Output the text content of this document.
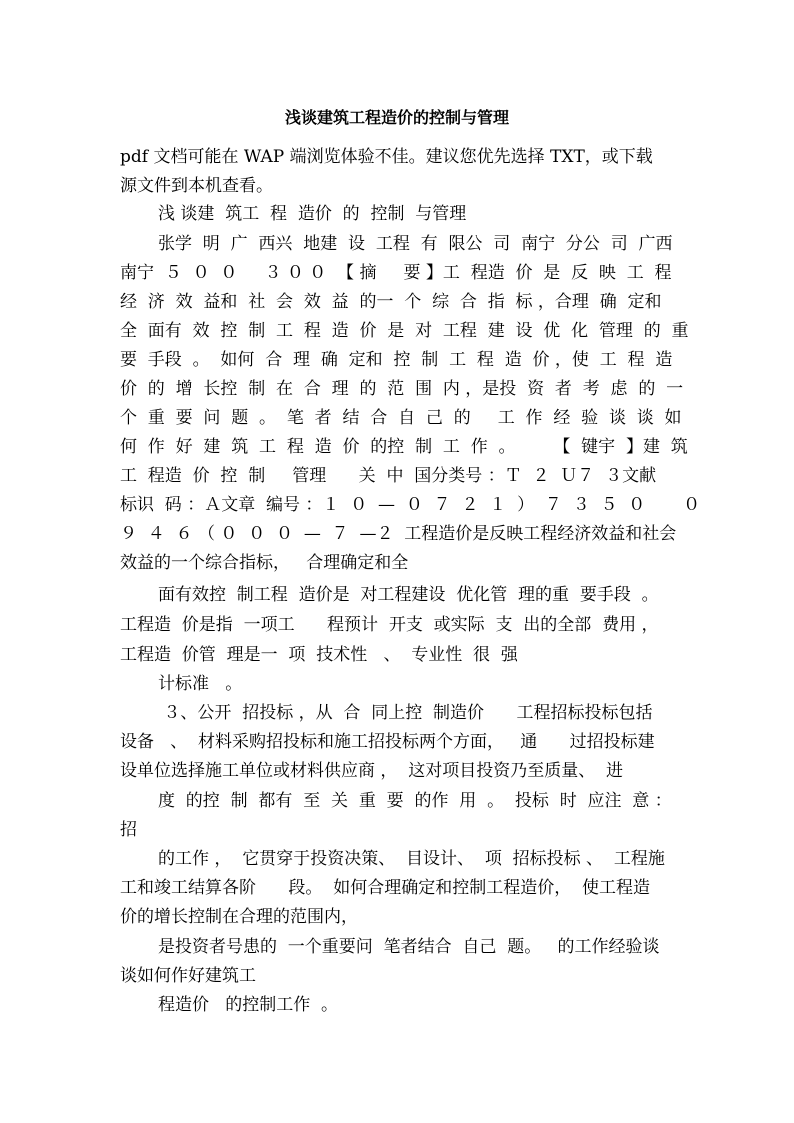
浅谈建筑工程造价的控制与管理
pdf 文档可能在 WAP 端浏览体验不佳。建议您优先选择 TXT，或下载
源文件到本机查看。
浅 谈建  筑工  程  造价  的  控制  与管理
张学  明  广  西兴  地建  设  工程  有  限公  司  南宁  分公  司  广西
南宁  ５  ０  ０     ３ ０ ０  【 摘     要 】工  程造  价  是  反  映  工  程
经  济  效  益和  社  会  效  益  的一  个  综  合  指  标 ，合理  确  定和
全  面有  效  控  制  工  程  造  价  是  对  工程  建  设  优  化  管理  的  重
要  手段  。  如何  合  理  确  定和  控  制  工  程  造  价 ，使  工  程  造
价  的  增  长控  制  在  合  理  的  范  围  内 ，是投  资  者  考  虑  的  一
个  重  要  问  题  。  笔  者  结  合  自  己  的     工  作  经  验  谈  谈  如
何  作  好  建  筑  工  程  造  价  的控  制  工  作  。       【  键宇  】建  筑
工  程造  价  控  制     管理      关  中  国分类号 ：Ｔ  ２  Ｕ７  ３文献
标识  码 ：Ａ文章  编号 ：１  ０  —  ０  ７  ２  １  ）  ７  ３  ５  ０       ０
９  ４  ６ （ ０  ０  ０  —  ７  —２  工程造价是反映工程经济效益和社会
效益的一个综合指标，   合理确定和全
面有效控  制工程  造价是  对工程建设  优化管  理的重  要手段  。
工程造  价是指  一项工      程预计  开支  或实际  支  出的全部  费用 ，
工程造  价管  理是一  项  技术性   、  专业性  很  强
计标准   。
３、公开  招投标 ，从  合  同上控  制造价      工程招标投标包括
设备   、  材料采购招投标和施工招投标两个方面，   通      过招投标建
设单位选择施工单位或材料供应商 ，  这对项目投资乃至质量、  进
度  的控  制  都有  至  关  重  要  的作  用  。  投标  时  应注  意 ：
招
的工作 ，  它贯穿于投资决策、  目设计、  项  招标投标 、  工程施
工和竣工结算各阶      段。  如何合理确定和控制工程造价，  使工程造
价的增长控制在合理的范围内，
是投资者号患的  一个重要问  笔者结合  自己  题。   的工作经验谈
谈如何作好建筑工
程造价   的控制工作  。
